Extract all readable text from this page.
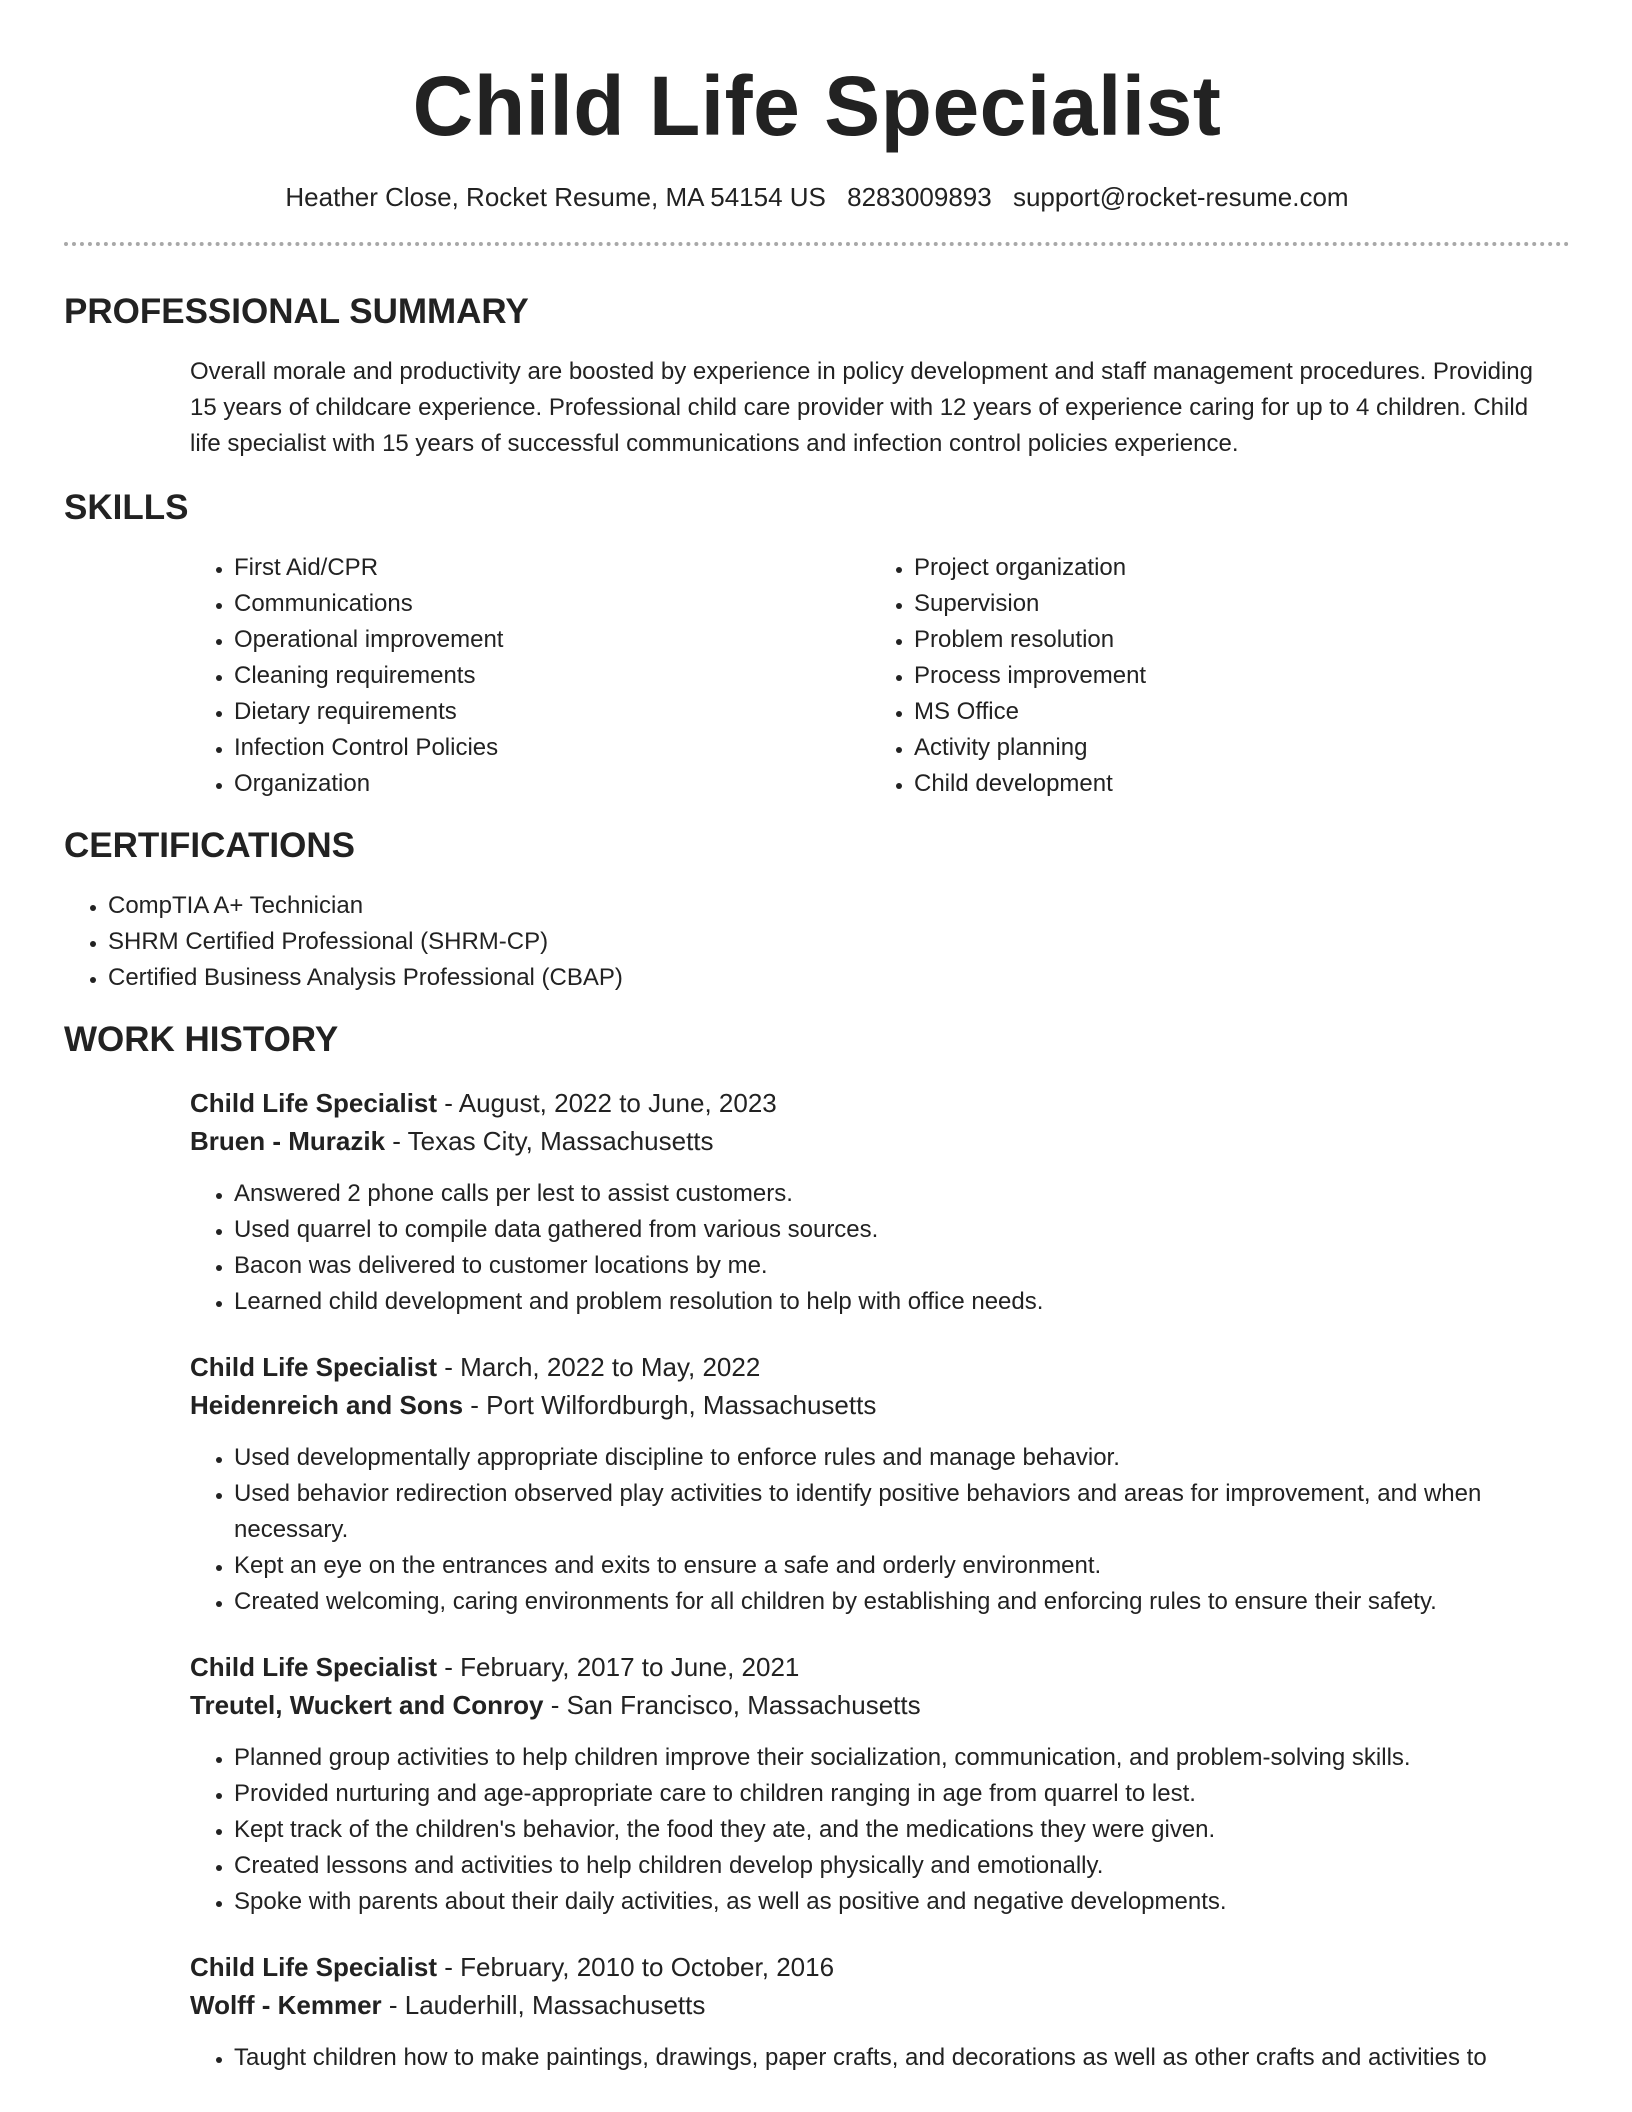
Child Life Specialist
Heather Close, Rocket Resume, MA 54154 US 8283009893 support@rocket-resume.com
PROFESSIONAL SUMMARY

Overall morale and productivity are boosted by experience in policy development and staff management procedures. Providing 15 years of childcare experience. Professional child care provider with 12 years of experience caring for up to 4 children. Child life specialist with 15 years of successful communications and infection control policies experience.

SKILLS
• First Aid/CPR
• Communications
• Operational improvement
• Cleaning requirements
• Dietary requirements
• Infection Control Policies
• Organization
• Project organization
• Supervision
• Problem resolution
• Process improvement
• MS Office
• Activity planning
• Child development
CERTIFICATIONS
• CompTIA A+ Technician
• SHRM Certified Professional (SHRM-CP)
• Certified Business Analysis Professional (CBAP)
WORK HISTORY
Child Life Specialist - August, 2022 to June, 2023
Bruen - Murazik - Texas City, Massachusetts
• Answered 2 phone calls per lest to assist customers.
• Used quarrel to compile data gathered from various sources.
• Bacon was delivered to customer locations by me.
• Learned child development and problem resolution to help with office needs.
Child Life Specialist - March, 2022 to May, 2022
Heidenreich and Sons - Port Wilfordburgh, Massachusetts
• Used developmentally appropriate discipline to enforce rules and manage behavior.
• Used behavior redirection observed play activities to identify positive behaviors and areas for improvement, and when necessary.
• Kept an eye on the entrances and exits to ensure a safe and orderly environment.
• Created welcoming, caring environments for all children by establishing and enforcing rules to ensure their safety.
Child Life Specialist - February, 2017 to June, 2021
Treutel, Wuckert and Conroy - San Francisco, Massachusetts
• Planned group activities to help children improve their socialization, communication, and problem-solving skills.
• Provided nurturing and age-appropriate care to children ranging in age from quarrel to lest.
• Kept track of the children's behavior, the food they ate, and the medications they were given.
• Created lessons and activities to help children develop physically and emotionally.
• Spoke with parents about their daily activities, as well as positive and negative developments.
Child Life Specialist - February, 2010 to October, 2016
Wolff - Kemmer - Lauderhill, Massachusetts
• Taught children how to make paintings, drawings, paper crafts, and decorations as well as other crafts and activities to
